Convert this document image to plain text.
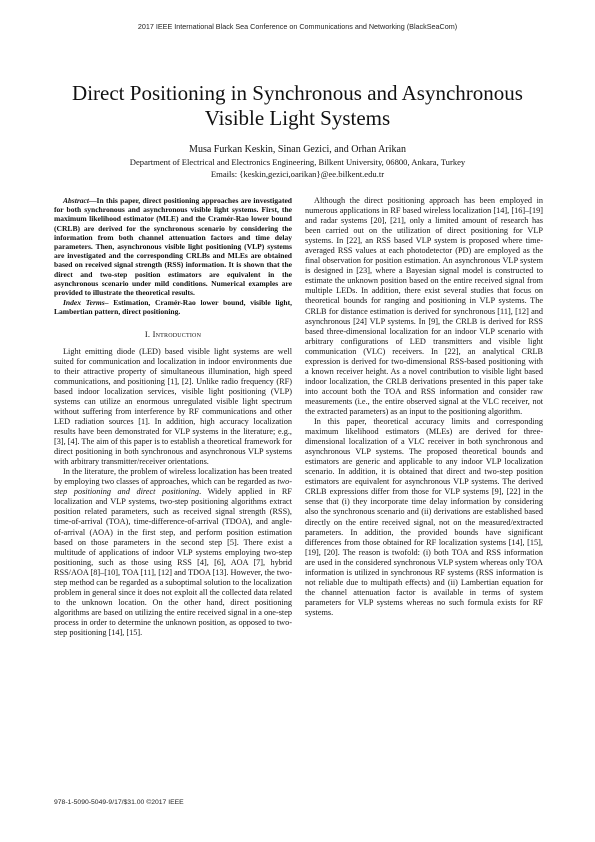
2017 IEEE International Black Sea Conference on Communications and Networking (BlackSeaCom)
Direct Positioning in Synchronous and Asynchronous Visible Light Systems
Musa Furkan Keskin, Sinan Gezici, and Orhan Arikan
Department of Electrical and Electronics Engineering, Bilkent University, 06800, Ankara, Turkey
Emails: {keskin,gezici,oarikan}@ee.bilkent.edu.tr

Abstract—In this paper, direct positioning approaches are investigated for both synchronous and asynchronous visible light systems. First, the maximum likelihood estimator (MLE) and the Cramér-Rao lower bound (CRLB) are derived for the synchronous scenario by considering the information from both channel attenuation factors and time delay parameters. Then, asynchronous visible light positioning (VLP) systems are investigated and the corresponding CRLBs and MLEs are obtained based on received signal strength (RSS) information. It is shown that the direct and two-step position estimators are equivalent in the asynchronous scenario under mild conditions. Numerical examples are provided to illustrate the theoretical results.

Index Terms– Estimation, Cramér-Rao lower bound, visible light, Lambertian pattern, direct positioning.

I. Introduction

Light emitting diode (LED) based visible light systems are well suited for communication and localization in indoor environments due to their attractive property of simultaneous illumination, high speed communications, and positioning [1], [2]. Unlike radio frequency (RF) based indoor localization services, visible light positioning (VLP) systems can utilize an enormous unregulated visible light spectrum without suffering from interference by RF communications and other LED radiation sources [1]. In addition, high accuracy localization results have been demonstrated for VLP systems in the literature; e.g., [3], [4]. The aim of this paper is to establish a theoretical framework for direct positioning in both synchronous and asynchronous VLP systems with arbitrary transmitter/receiver orientations.

In the literature, the problem of wireless localization has been treated by employing two classes of approaches, which can be regarded as two-step positioning and direct positioning. Widely applied in RF localization and VLP systems, two-step positioning algorithms extract position related parameters, such as received signal strength (RSS), time-of-arrival (TOA), time-difference-of-arrival (TDOA), and angle-of-arrival (AOA) in the first step, and perform position estimation based on those parameters in the second step [5]. There exist a multitude of applications of indoor VLP systems employing two-step positioning, such as those using RSS [4], [6], AOA [7], hybrid RSS/AOA [8]–[10], TOA [11], [12] and TDOA [13]. However, the two-step method can be regarded as a suboptimal solution to the localization problem in general since it does not exploit all the collected data related to the unknown location. On the other hand, direct positioning algorithms are based on utilizing the entire received signal in a one-step process in order to determine the unknown position, as opposed to two-step positioning [14], [15].

Although the direct positioning approach has been employed in numerous applications in RF based wireless localization [14], [16]–[19] and radar systems [20], [21], only a limited amount of research has been carried out on the utilization of direct positioning for VLP systems. In [22], an RSS based VLP system is proposed where time-averaged RSS values at each photodetector (PD) are employed as the final observation for position estimation. An asynchronous VLP system is designed in [23], where a Bayesian signal model is constructed to estimate the unknown position based on the entire received signal from multiple LEDs. In addition, there exist several studies that focus on theoretical bounds for ranging and positioning in VLP systems. The CRLB for distance estimation is derived for synchronous [11], [12] and asynchronous [24] VLP systems. In [9], the CRLB is derived for RSS based three-dimensional localization for an indoor VLP scenario with arbitrary configurations of LED transmitters and visible light communication (VLC) receivers. In [22], an analytical CRLB expression is derived for two-dimensional RSS-based positioning with a known receiver height. As a novel contribution to visible light based indoor localization, the CRLB derivations presented in this paper take into account both the TOA and RSS information and consider raw measurements (i.e., the entire observed signal at the VLC receiver, not the extracted parameters) as an input to the positioning algorithm.

In this paper, theoretical accuracy limits and corresponding maximum likelihood estimators (MLEs) are derived for three-dimensional localization of a VLC receiver in both synchronous and asynchronous VLP systems. The proposed theoretical bounds and estimators are generic and applicable to any indoor VLP localization scenario. In addition, it is obtained that direct and two-step position estimators are equivalent for asynchronous VLP systems. The derived CRLB expressions differ from those for VLP systems [9], [22] in the sense that (i) they incorporate time delay information by considering also the synchronous scenario and (ii) derivations are established based directly on the entire received signal, not on the measured/extracted parameters. In addition, the provided bounds have significant differences from those obtained for RF localization systems [14], [15], [19], [20]. The reason is twofold: (i) both TOA and RSS information are used in the considered synchronous VLP system whereas only TOA information is utilized in synchronous RF systems (RSS information is not reliable due to multipath effects) and (ii) Lambertian equation for the channel attenuation factor is available in terms of system parameters for VLP systems whereas no such formula exists for RF systems.

978-1-5090-5049-9/17/$31.00 ©2017 IEEE
